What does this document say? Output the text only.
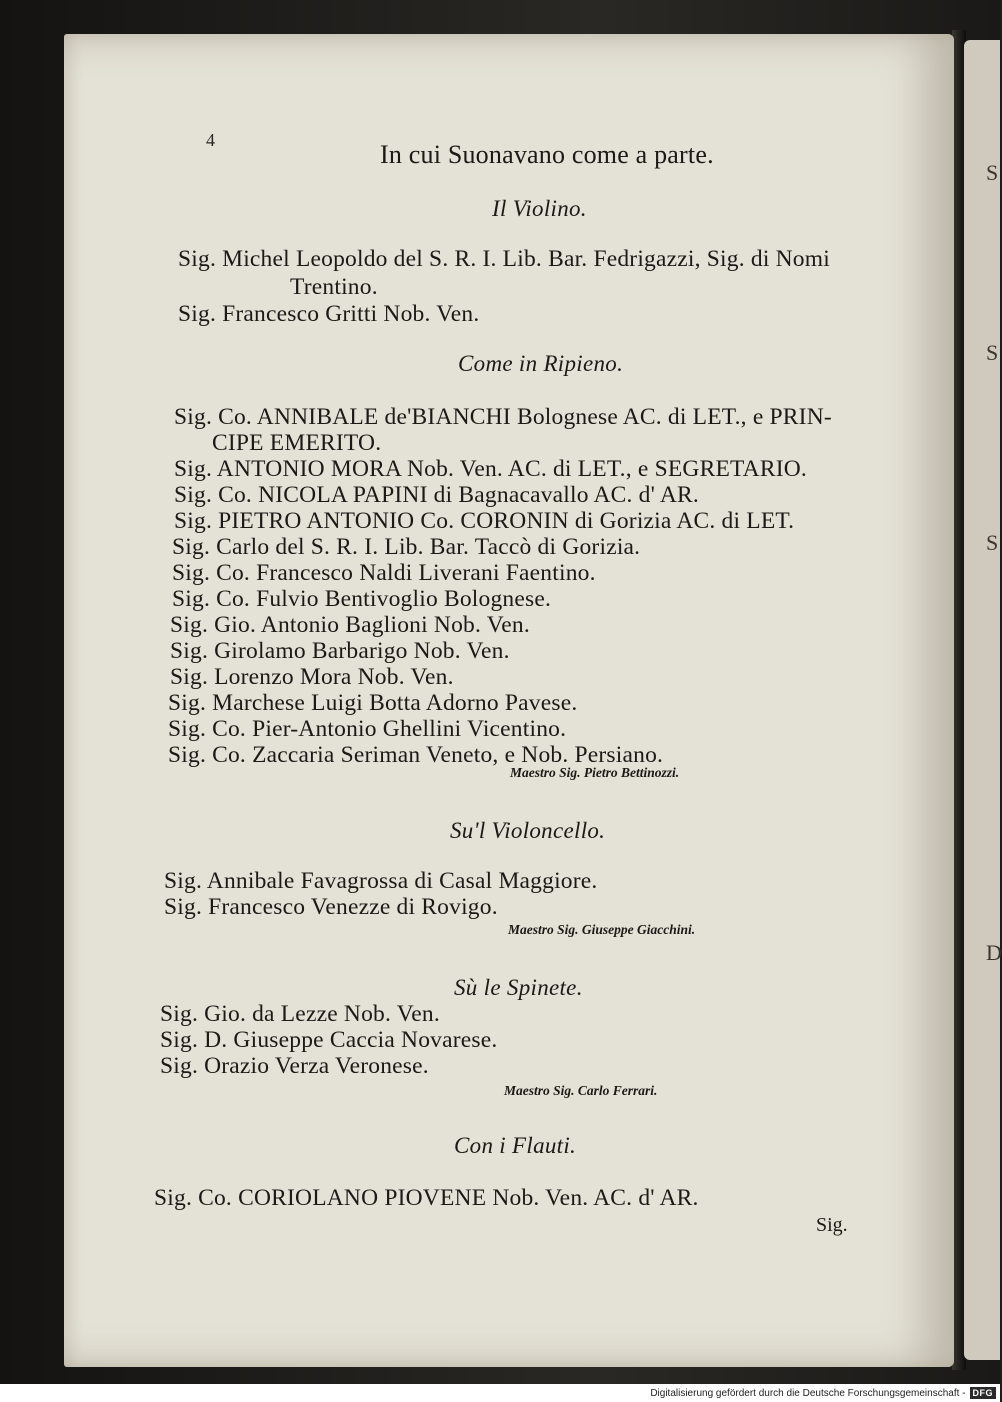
S
S
S
D
4	In cui Suonavano come a parte.
Il Violino.
Sig. Michel Leopoldo del S. R. I. Lib. Bar. Fedrigazzi, Sig. di Nomi
Trentino.
Sig. Francesco Gritti Nob. Ven.
Come in Ripieno.
Sig. Co. ANNIBALE de'BIANCHI Bolognese AC. di LET., e PRIN-
CIPE EMERITO.
Sig. ANTONIO MORA Nob. Ven. AC. di LET., e SEGRETARIO.
Sig. Co. NICOLA PAPINI di Bagnacavallo AC. d' AR.
Sig. PIETRO ANTONIO Co. CORONIN di Gorizia AC. di LET.
Sig. Carlo del S. R. I. Lib. Bar. Taccò di Gorizia.
Sig. Co. Francesco Naldi Liverani Faentino.
Sig. Co. Fulvio Bentivoglio Bolognese.
Sig. Gio. Antonio Baglioni Nob. Ven.
Sig. Girolamo Barbarigo Nob. Ven.
Sig. Lorenzo Mora Nob. Ven.
Sig. Marchese Luigi Botta Adorno Pavese.
Sig. Co. Pier-Antonio Ghellini Vicentino.
Sig. Co. Zaccaria Seriman Veneto, e Nob. Persiano.
Maestro Sig. Pietro Bettinozzi.
Su'l Violoncello.
Sig. Annibale Favagrossa di Casal Maggiore.
Sig. Francesco Venezze di Rovigo.
Maestro Sig. Giuseppe Giacchini.
Sù le Spinete.
Sig. Gio. da Lezze Nob. Ven.
Sig. D. Giuseppe Caccia Novarese.
Sig. Orazio Verza Veronese.
Maestro Sig. Carlo Ferrari.
Con i Flauti.
Sig. Co. CORIOLANO PIOVENE Nob. Ven. AC. d' AR.
Sig.
Digitalisierung gefördert durch die Deutsche Forschungsgemeinschaft - DFG
